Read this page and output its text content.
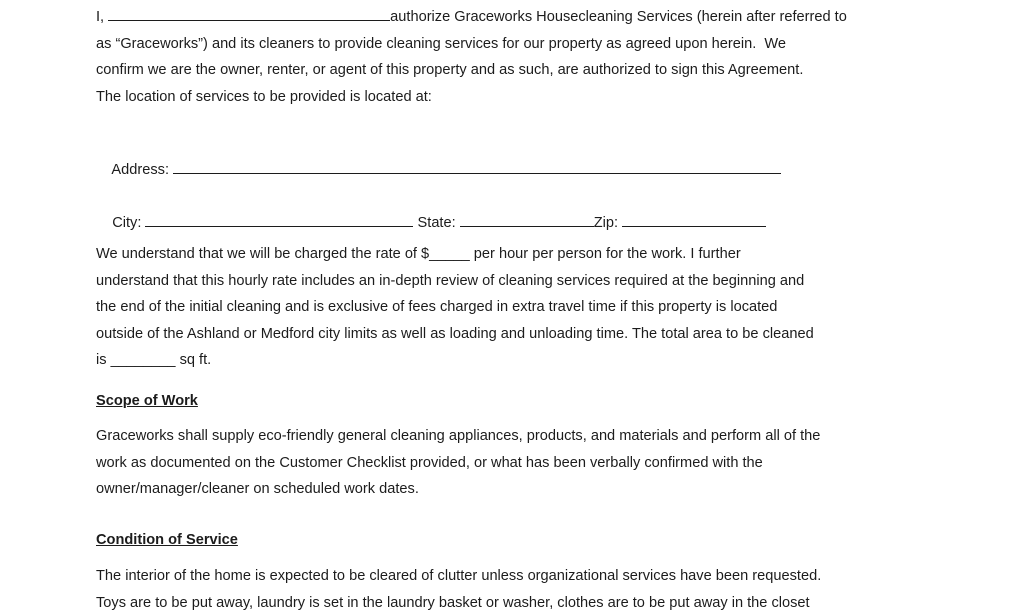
I,	authorize Graceworks Housecleaning Services (herein after referred to
as “Graceworks”) and its cleaners to provide cleaning services for our property as agreed upon herein.  We
confirm we are the owner, renter, or agent of this property and as such, are authorized to sign this Agreement.
The location of services to be provided is located at:

Address:

City:	State:	Zip:

We understand that we will be charged the rate of $_____ per hour per person for the work. I further
understand that this hourly rate includes an in-depth review of cleaning services required at the beginning and
the end of the initial cleaning and is exclusive of fees charged in extra travel time if this property is located
outside of the Ashland or Medford city limits as well as loading and unloading time. The total area to be cleaned
is ________ sq ft.
Scope of Work
Graceworks shall supply eco-friendly general cleaning appliances, products, and materials and perform all of the
work as documented on the Customer Checklist provided, or what has been verbally confirmed with the
owner/manager/cleaner on scheduled work dates.
Condition of Service
The interior of the home is expected to be cleared of clutter unless organizational services have been requested.
Toys are to be put away, laundry is set in the laundry basket or washer, clothes are to be put away in the closet
